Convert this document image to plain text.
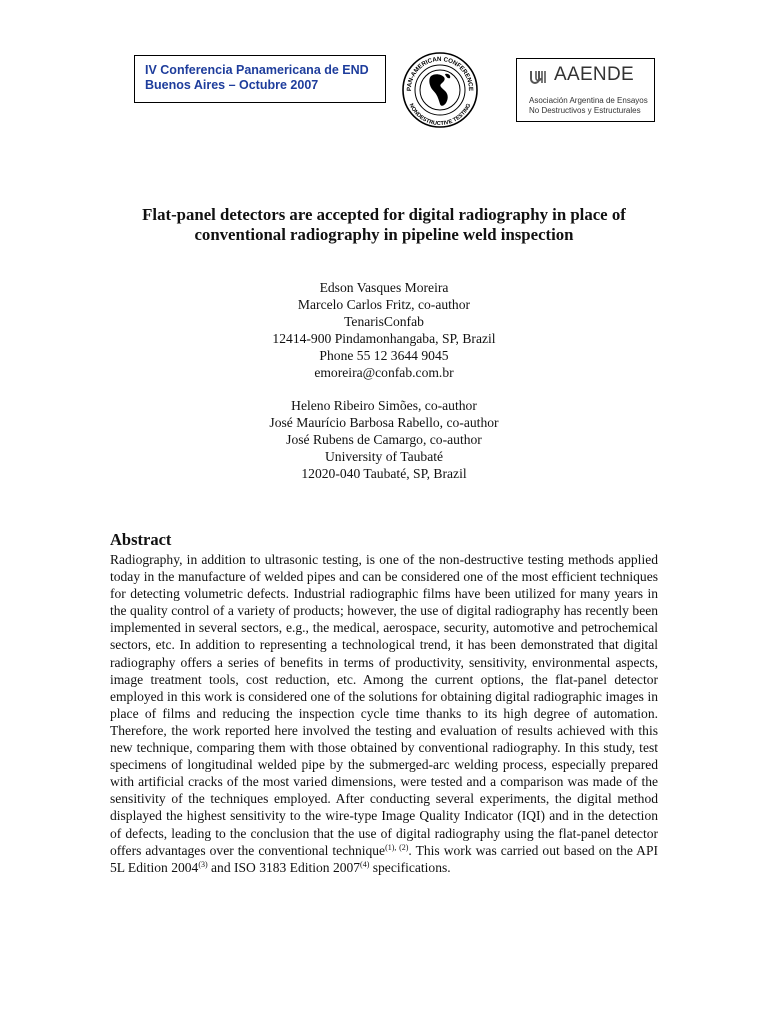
IV Conferencia Panamericana de END
Buenos Aires – Octubre 2007	PAN-AMERICAN CONFERENCE
NONDESTRUCTIVE TESTING
AAENDE
Asociación Argentina de Ensayos
No Destructivos y Estructurales
Flat-panel detectors are accepted for digital radiography in place of
conventional radiography in pipeline weld inspection
Edson Vasques Moreira
Marcelo Carlos Fritz, co-author
TenarisConfab
12414-900 Pindamonhangaba, SP, Brazil
Phone 55 12 3644 9045
emoreira@confab.com.br
Heleno Ribeiro Simões, co-author
José Maurício Barbosa Rabello, co-author
José Rubens de Camargo, co-author
University of Taubaté
12020-040 Taubaté, SP, Brazil
Abstract
Radiography, in addition to ultrasonic testing, is one of the non-destructive testing methods applied today in the manufacture of welded pipes and can be considered one of the most efficient techniques for detecting volumetric defects. Industrial radiographic films have been utilized for many years in the quality control of a variety of products; however, the use of digital radiography has recently been implemented in several sectors, e.g., the medical, aerospace, security, automotive and petrochemical sectors, etc. In addition to representing a technological trend, it has been demonstrated that digital radiography offers a series of benefits in terms of productivity, sensitivity, environmental aspects, image treatment tools, cost reduction, etc. Among the current options, the flat-panel detector employed in this work is considered one of the solutions for obtaining digital radiographic images in place of films and reducing the inspection cycle time thanks to its high degree of automation. Therefore, the work reported here involved the testing and evaluation of results achieved with this new technique, comparing them with those obtained by conventional radiography. In this study, test specimens of longitudinal welded pipe by the submerged-arc welding process, especially prepared with artificial cracks of the most varied dimensions, were tested and a comparison was made of the sensitivity of the techniques employed. After conducting several experiments, the digital method displayed the highest sensitivity to the wire-type Image Quality Indicator (IQI) and in the detection of defects, leading to the conclusion that the use of digital radiography using the flat-panel detector offers advantages over the conventional technique$^{(1), (2)}$. This work was carried out based on the API 5L Edition 2004$^{(3)}$ and ISO 3183 Edition 2007$^{(4)}$ specifications.
